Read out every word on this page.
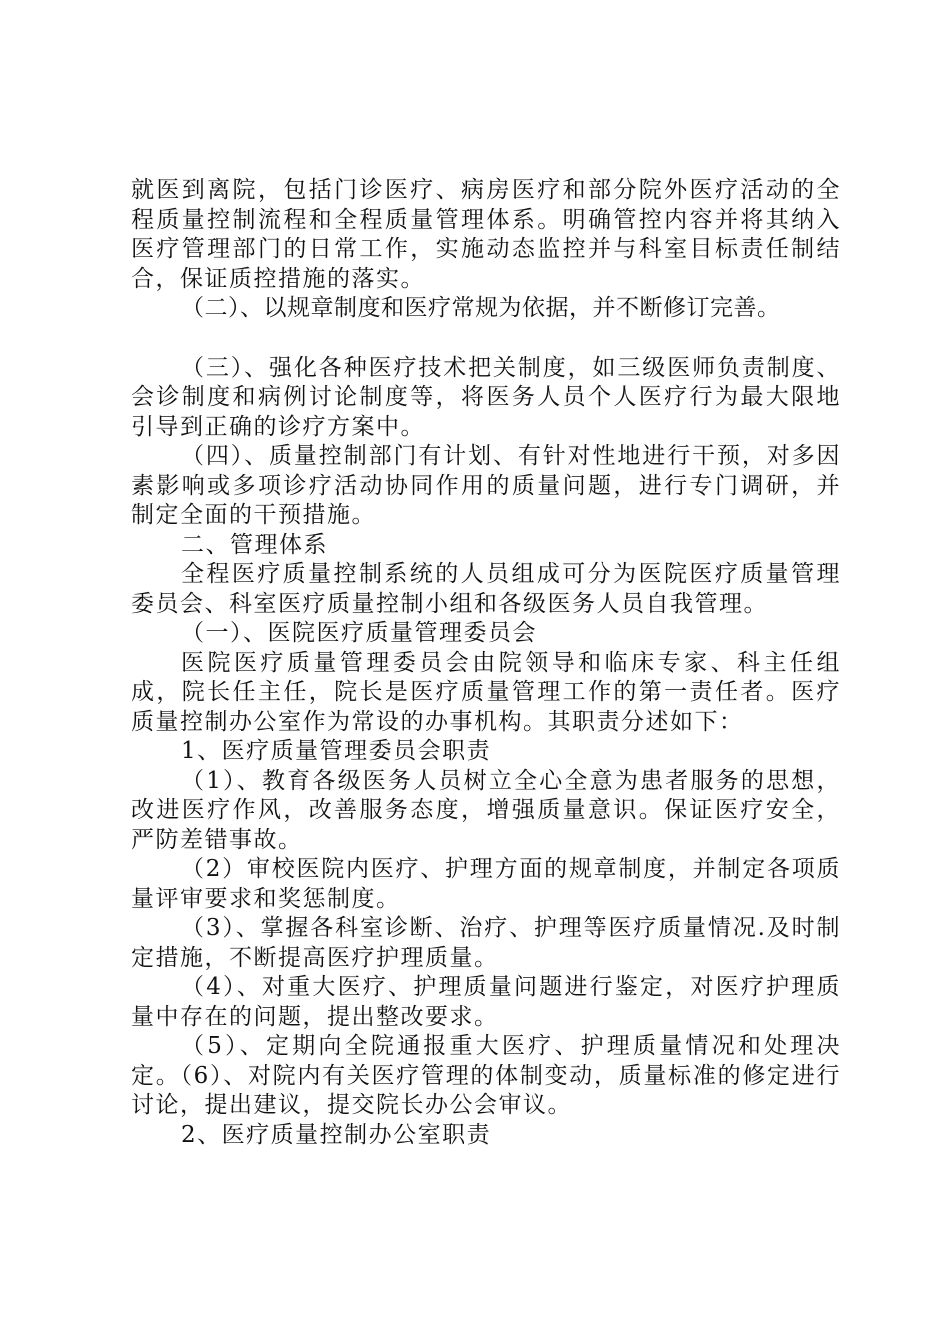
就医到离院，包括门诊医疗、病房医疗和部分院外医疗活动的全程质量控制流程和全程质量管理体系。明确管控内容并将其纳入医疗管理部门的日常工作，实施动态监控并与科室目标责任制结合，保证质控措施的落实。

（二）、以规章制度和医疗常规为依据，并不断修订完善。

（三）、强化各种医疗技术把关制度，如三级医师负责制度、会诊制度和病例讨论制度等，将医务人员个人医疗行为最大限地引导到正确的诊疗方案中。

（四）、质量控制部门有计划、有针对性地进行干预，对多因素影响或多项诊疗活动协同作用的质量问题，进行专门调研，并制定全面的干预措施。

二、管理体系

全程医疗质量控制系统的人员组成可分为医院医疗质量管理委员会、科室医疗质量控制小组和各级医务人员自我管理。

（一）、医院医疗质量管理委员会

医院医疗质量管理委员会由院领导和临床专家、科主任组成，院长任主任，院长是医疗质量管理工作的第一责任者。医疗质量控制办公室作为常设的办事机构。其职责分述如下：

1、医疗质量管理委员会职责

（1）、教育各级医务人员树立全心全意为患者服务的思想，改进医疗作风，改善服务态度，增强质量意识。保证医疗安全，严防差错事故。

（2）审校医院内医疗、护理方面的规章制度，并制定各项质量评审要求和奖惩制度。

（3）、掌握各科室诊断、治疗、护理等医疗质量情况.及时制定措施，不断提高医疗护理质量。

（4）、对重大医疗、护理质量问题进行鉴定，对医疗护理质量中存在的问题，提出整改要求。

（5）、定期向全院通报重大医疗、护理质量情况和处理决定。（6）、对院内有关医疗管理的体制变动，质量标准的修定进行讨论，提出建议，提交院长办公会审议。

2、医疗质量控制办公室职责
